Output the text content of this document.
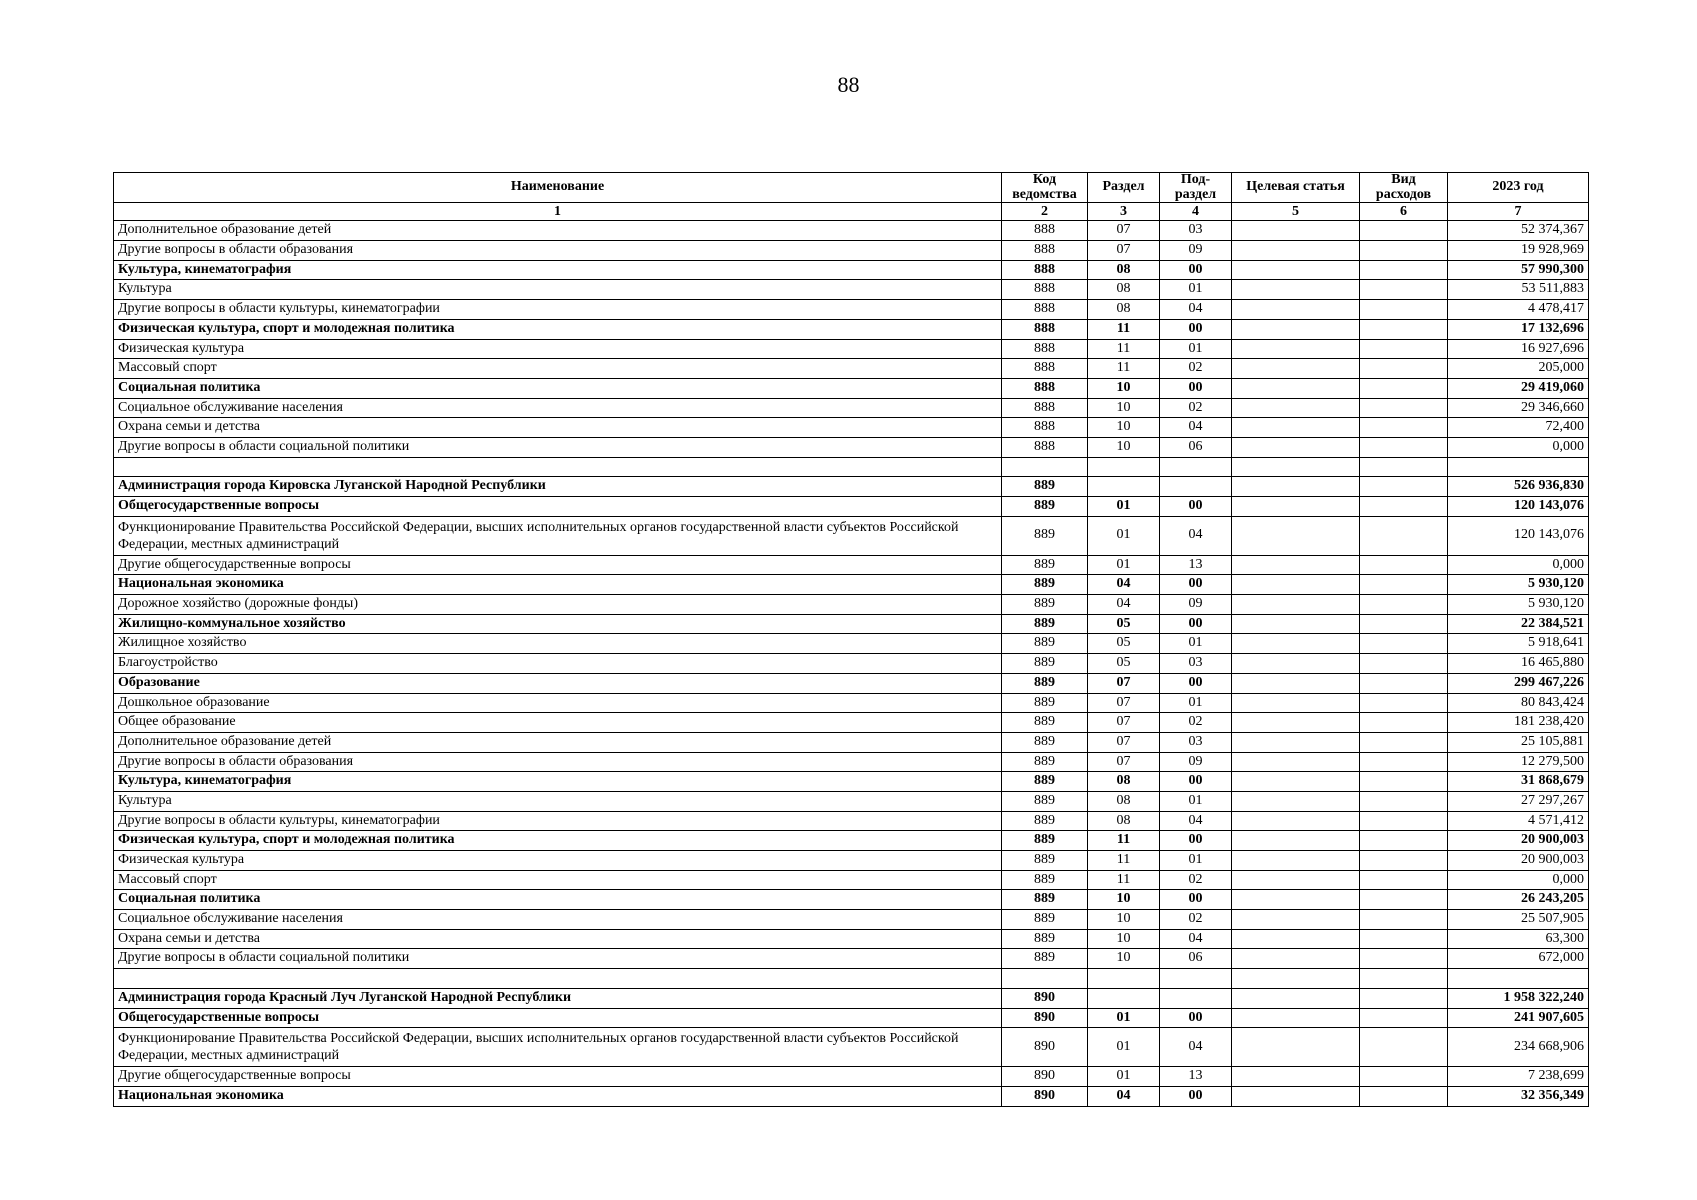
88
Наименование	Код ведомства	Раздел	Под-раздел	Целевая статья	Вид расходов	2023 год
1	2	3	4	5	6	7
Дополнительное образование детей	888	07	03			52 374,367
Другие вопросы в области образования	888	07	09			19 928,969
Культура, кинематография	888	08	00			57 990,300
Культура	888	08	01			53 511,883
Другие вопросы в области культуры, кинематографии	888	08	04			4 478,417
Физическая культура, спорт и молодежная политика	888	11	00			17 132,696
Физическая культура	888	11	01			16 927,696
Массовый спорт	888	11	02			205,000
Социальная политика	888	10	00			29 419,060
Социальное обслуживание населения	888	10	02			29 346,660
Охрана семьи и детства	888	10	04			72,400
Другие вопросы в области социальной политики	888	10	06			0,000

Администрация города Кировска Луганской Народной Республики	889					526 936,830
Общегосударственные вопросы	889	01	00			120 143,076
Функционирование Правительства Российской Федерации, высших исполнительных органов государственной власти субъектов Российской Федерации, местных администраций	889	01	04			120 143,076
Другие общегосударственные вопросы	889	01	13			0,000
Национальная экономика	889	04	00			5 930,120
Дорожное хозяйство (дорожные фонды)	889	04	09			5 930,120
Жилищно-коммунальное хозяйство	889	05	00			22 384,521
Жилищное хозяйство	889	05	01			5 918,641
Благоустройство	889	05	03			16 465,880
Образование	889	07	00			299 467,226
Дошкольное образование	889	07	01			80 843,424
Общее образование	889	07	02			181 238,420
Дополнительное образование детей	889	07	03			25 105,881
Другие вопросы в области образования	889	07	09			12 279,500
Культура, кинематография	889	08	00			31 868,679
Культура	889	08	01			27 297,267
Другие вопросы в области культуры, кинематографии	889	08	04			4 571,412
Физическая культура, спорт и молодежная политика	889	11	00			20 900,003
Физическая культура	889	11	01			20 900,003
Массовый спорт	889	11	02			0,000
Социальная политика	889	10	00			26 243,205
Социальное обслуживание населения	889	10	02			25 507,905
Охрана семьи и детства	889	10	04			63,300
Другие вопросы в области социальной политики	889	10	06			672,000

Администрация города Красный Луч Луганской Народной Республики	890					1 958 322,240
Общегосударственные вопросы	890	01	00			241 907,605
Функционирование Правительства Российской Федерации, высших исполнительных органов государственной власти субъектов Российской Федерации, местных администраций	890	01	04			234 668,906
Другие общегосударственные вопросы	890	01	13			7 238,699
Национальная экономика	890	04	00			32 356,349
